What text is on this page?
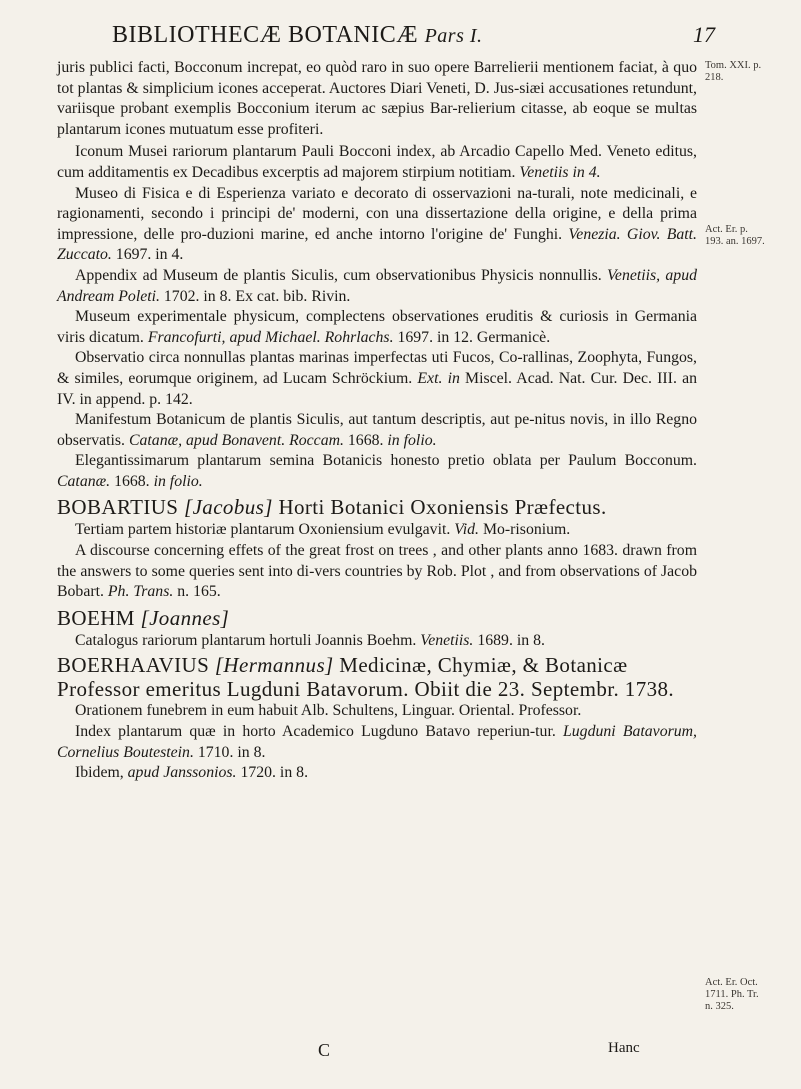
BIBLIOTHECÆ BOTANICÆ Pars I.	17

juris publici facti, Bocconum increpat, eo quòd raro in suo opere Barrelierii mentionem faciat, à quo tot plantas & simplicium icones acceperat. Auctores Diari Veneti, D. Jus-siæi accusationes retundunt, variisque probant exemplis Bocconium iterum ac sæpius Bar-relierium citasse, ab eoque se multas plantarum icones mutuatum esse profiteri.

Iconum Musei rariorum plantarum Pauli Bocconi index, ab Arcadio Capello Med. Veneto editus, cum additamentis ex Decadibus excerptis ad majorem stirpium notitiam. Venetiis in 4.

Museo di Fisica e di Esperienza variato e decorato di osservazioni na-turali, note medicinali, e ragionamenti, secondo i principi de' moderni, con una dissertazione della origine, e della prima impressione, delle pro-duzioni marine, ed anche intorno l'origine de' Funghi. Venezia. Giov. Batt. Zuccato. 1697. in 4.

Appendix ad Museum de plantis Siculis, cum observationibus Physicis nonnullis. Venetiis, apud Andream Poleti. 1702. in 8. Ex cat. bib. Rivin.

Museum experimentale physicum, complectens observationes eruditis & curiosis in Germania viris dicatum. Francofurti, apud Michael. Rohrlachs. 1697. in 12. Germanicè.

Observatio circa nonnullas plantas marinas imperfectas uti Fucos, Co-rallinas, Zoophyta, Fungos, & similes, eorumque originem, ad Lucam Schröckium. Ext. in Miscel. Acad. Nat. Cur. Dec. III. an IV. in append. p. 142.

Manifestum Botanicum de plantis Siculis, aut tantum descriptis, aut pe-nitus novis, in illo Regno observatis. Catanæ, apud Bonavent. Roccam. 1668. in folio.

Elegantissimarum plantarum semina Botanicis honesto pretio oblata per Paulum Bocconum. Catanæ. 1668. in folio.

BOBARTIUS [Jacobus] Horti Botanici Oxoniensis Præfectus.

Tertiam partem historiæ plantarum Oxoniensium evulgavit. Vid. Mo-risonium.

A discourse concerning effets of the great frost on trees , and other plants anno 1683. drawn from the answers to some queries sent into di-vers countries by Rob. Plot , and from observations of Jacob Bobart. Ph. Trans. n. 165.

BOEHM [Joannes]

Catalogus rariorum plantarum hortuli Joannis Boehm. Venetiis. 1689. in 8.

BOERHAAVIUS [Hermannus] Medicinæ, Chymiæ, & Botanicæ Professor emeritus Lugduni Batavorum. Obiit die 23. Septembr. 1738.

Orationem funebrem in eum habuit Alb. Schultens, Linguar. Oriental. Professor.

Index plantarum quæ in horto Academico Lugduno Batavo reperiun-tur. Lugduni Batavorum, Cornelius Boutestein. 1710. in 8.

Ibidem, apud Janssonios. 1720. in 8.

Tom. XXI. p. 218.
Act. Er. p. 193. an. 1697.
Act. Er. Oct. 1711. Ph. Tr. n. 325.
C	Hanc
